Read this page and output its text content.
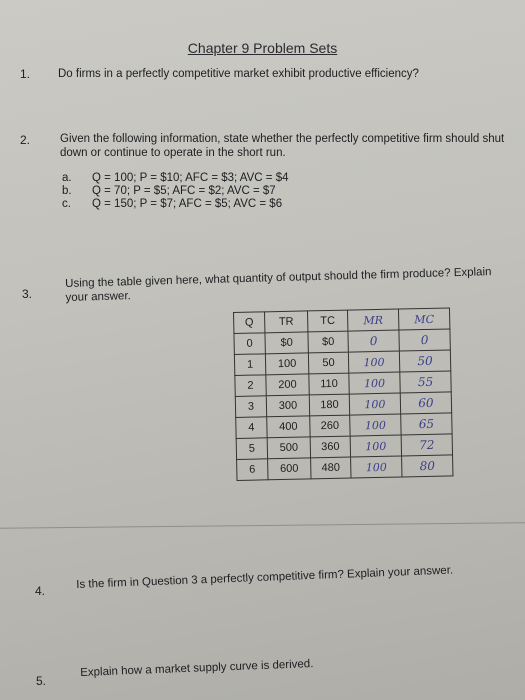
Chapter 9 Problem Sets
1. Do firms in a perfectly competitive market exhibit productive efficiency?
2.	Given the following information, state whether the perfectly competitive firm should shut down or continue to operate in the short run.
a. Q = 100; P = $10; AFC = $3; AVC = $4
b. Q = 70; P = $5; AFC = $2; AVC = $7
c. Q = 150; P = $7; AFC = $5; AVC = $6
3.
Using the table given here, what quantity of output should the firm produce? Explain your answer.
Q	TR	TC	MR	MC
0	$0	$0	0	0
1	100	50	100	50
2	200	110	100	55
3	300	180	100	60
4	400	260	100	65
5	500	360	100	72
6	600	480	100	80
4.
Is the firm in Question 3 a perfectly competitive firm? Explain your answer.
5.
Explain how a market supply curve is derived.
